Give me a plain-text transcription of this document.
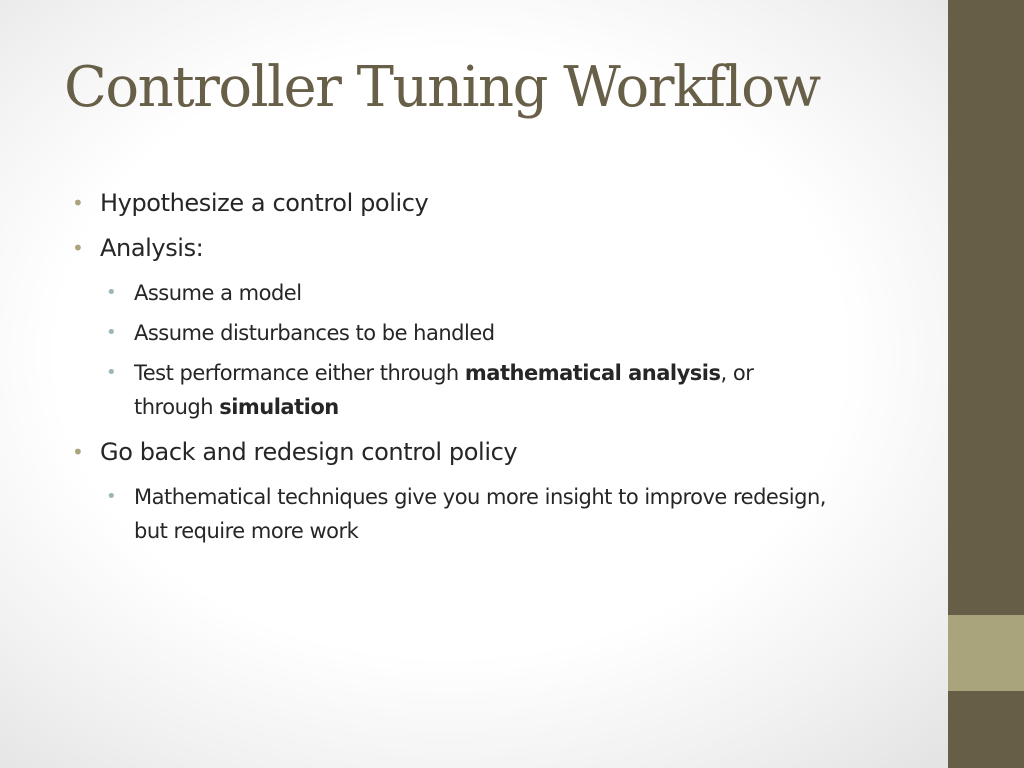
Controller Tuning Workflow
• Hypothesize a control policy
• Analysis:
• Assume a model
• Assume disturbances to be handled
• Test performance either through mathematical analysis, or through simulation
• Go back and redesign control policy
• Mathematical techniques give you more insight to improve redesign, but require more work
